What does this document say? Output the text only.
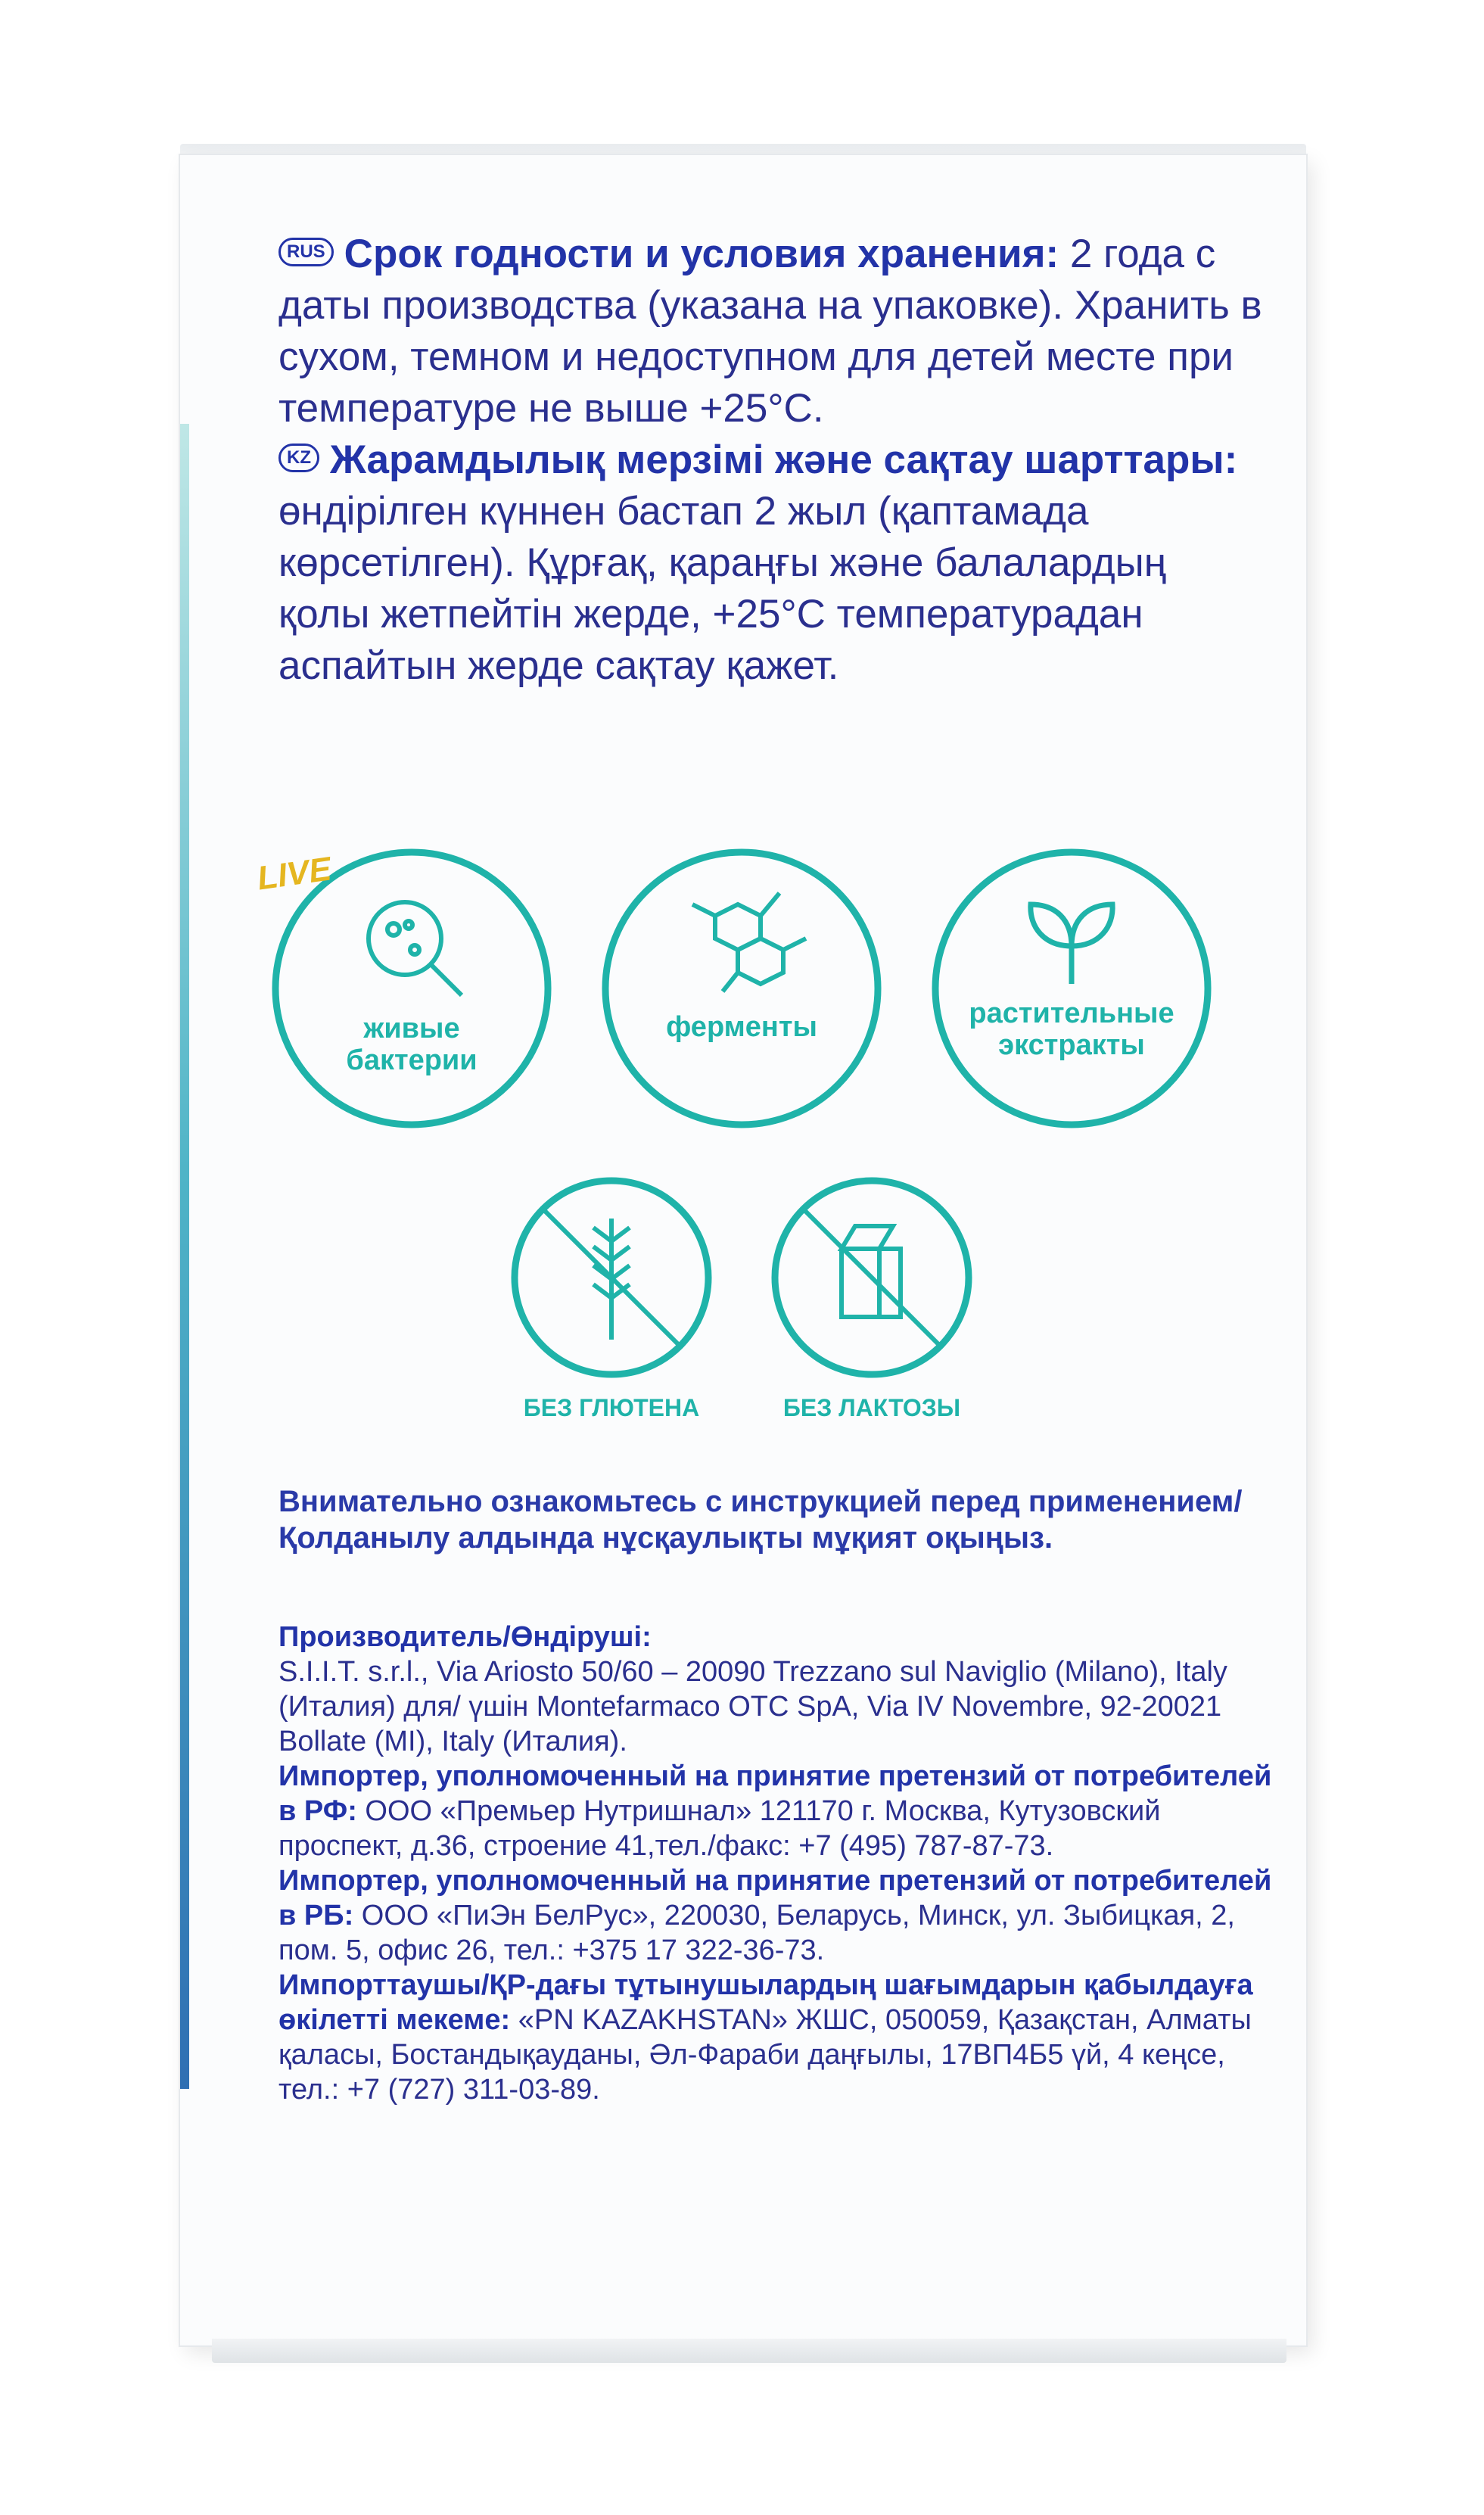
RUS Срок годности и условия хранения: 2 года с даты производства (указана на упаковке). Хранить в сухом, темном и недоступном для детей месте при температуре не выше +25°С.

KZ Жарамдылық мерзімі және сақтау шарттары: өндірілген күннен бастап 2 жыл (қаптамада көрсетілген). Құрғақ, қараңғы және балалардың қолы жетпейтін жерде, +25°С температурадан аспайтын жерде сақтау қажет.

LIVE
живые
бактерии
ферменты	растительные
экстракты
БЕЗ ГЛЮТЕНА	БЕЗ ЛАКТОЗЫ
Внимательно ознакомьтесь с инструкцией перед применением/Қолданылу алдында нұсқаулықты мұқият оқыңыз.

Производитель/Өндіруші:
S.I.I.T. s.r.l., Via Ariosto 50/60 – 20090 Trezzano sul Naviglio (Milano), Italy (Италия) для/ үшін Montefarmaco OTC SpA, Via IV Novembre, 92-20021 Bollate (MI), Italy (Италия).

Импортер, уполномоченный на принятие претензий от потребителей в РФ: ООО «Премьер Нутришнал» 121170 г. Москва, Кутузовский проспект, д.36, строение 41,тел./факс: +7 (495) 787-87-73.

Импортер, уполномоченный на принятие претензий от потребителей в РБ: ООО «ПиЭн БелРус», 220030, Беларусь, Минск, ул. Зыбицкая, 2, пом. 5, офис 26, тел.: +375 17 322-36-73.

Импорттаушы/ҚР-дағы тұтынушылардың шағымдарын қабылдауға өкілетті мекеме: «PN KAZAKHSTAN» ЖШС, 050059, Қазақстан, Алматы қаласы, Бостандықауданы, Әл-Фараби даңғылы, 17ВП4Б5 үй, 4 кеңсе, тел.: +7 (727) 311-03-89.
